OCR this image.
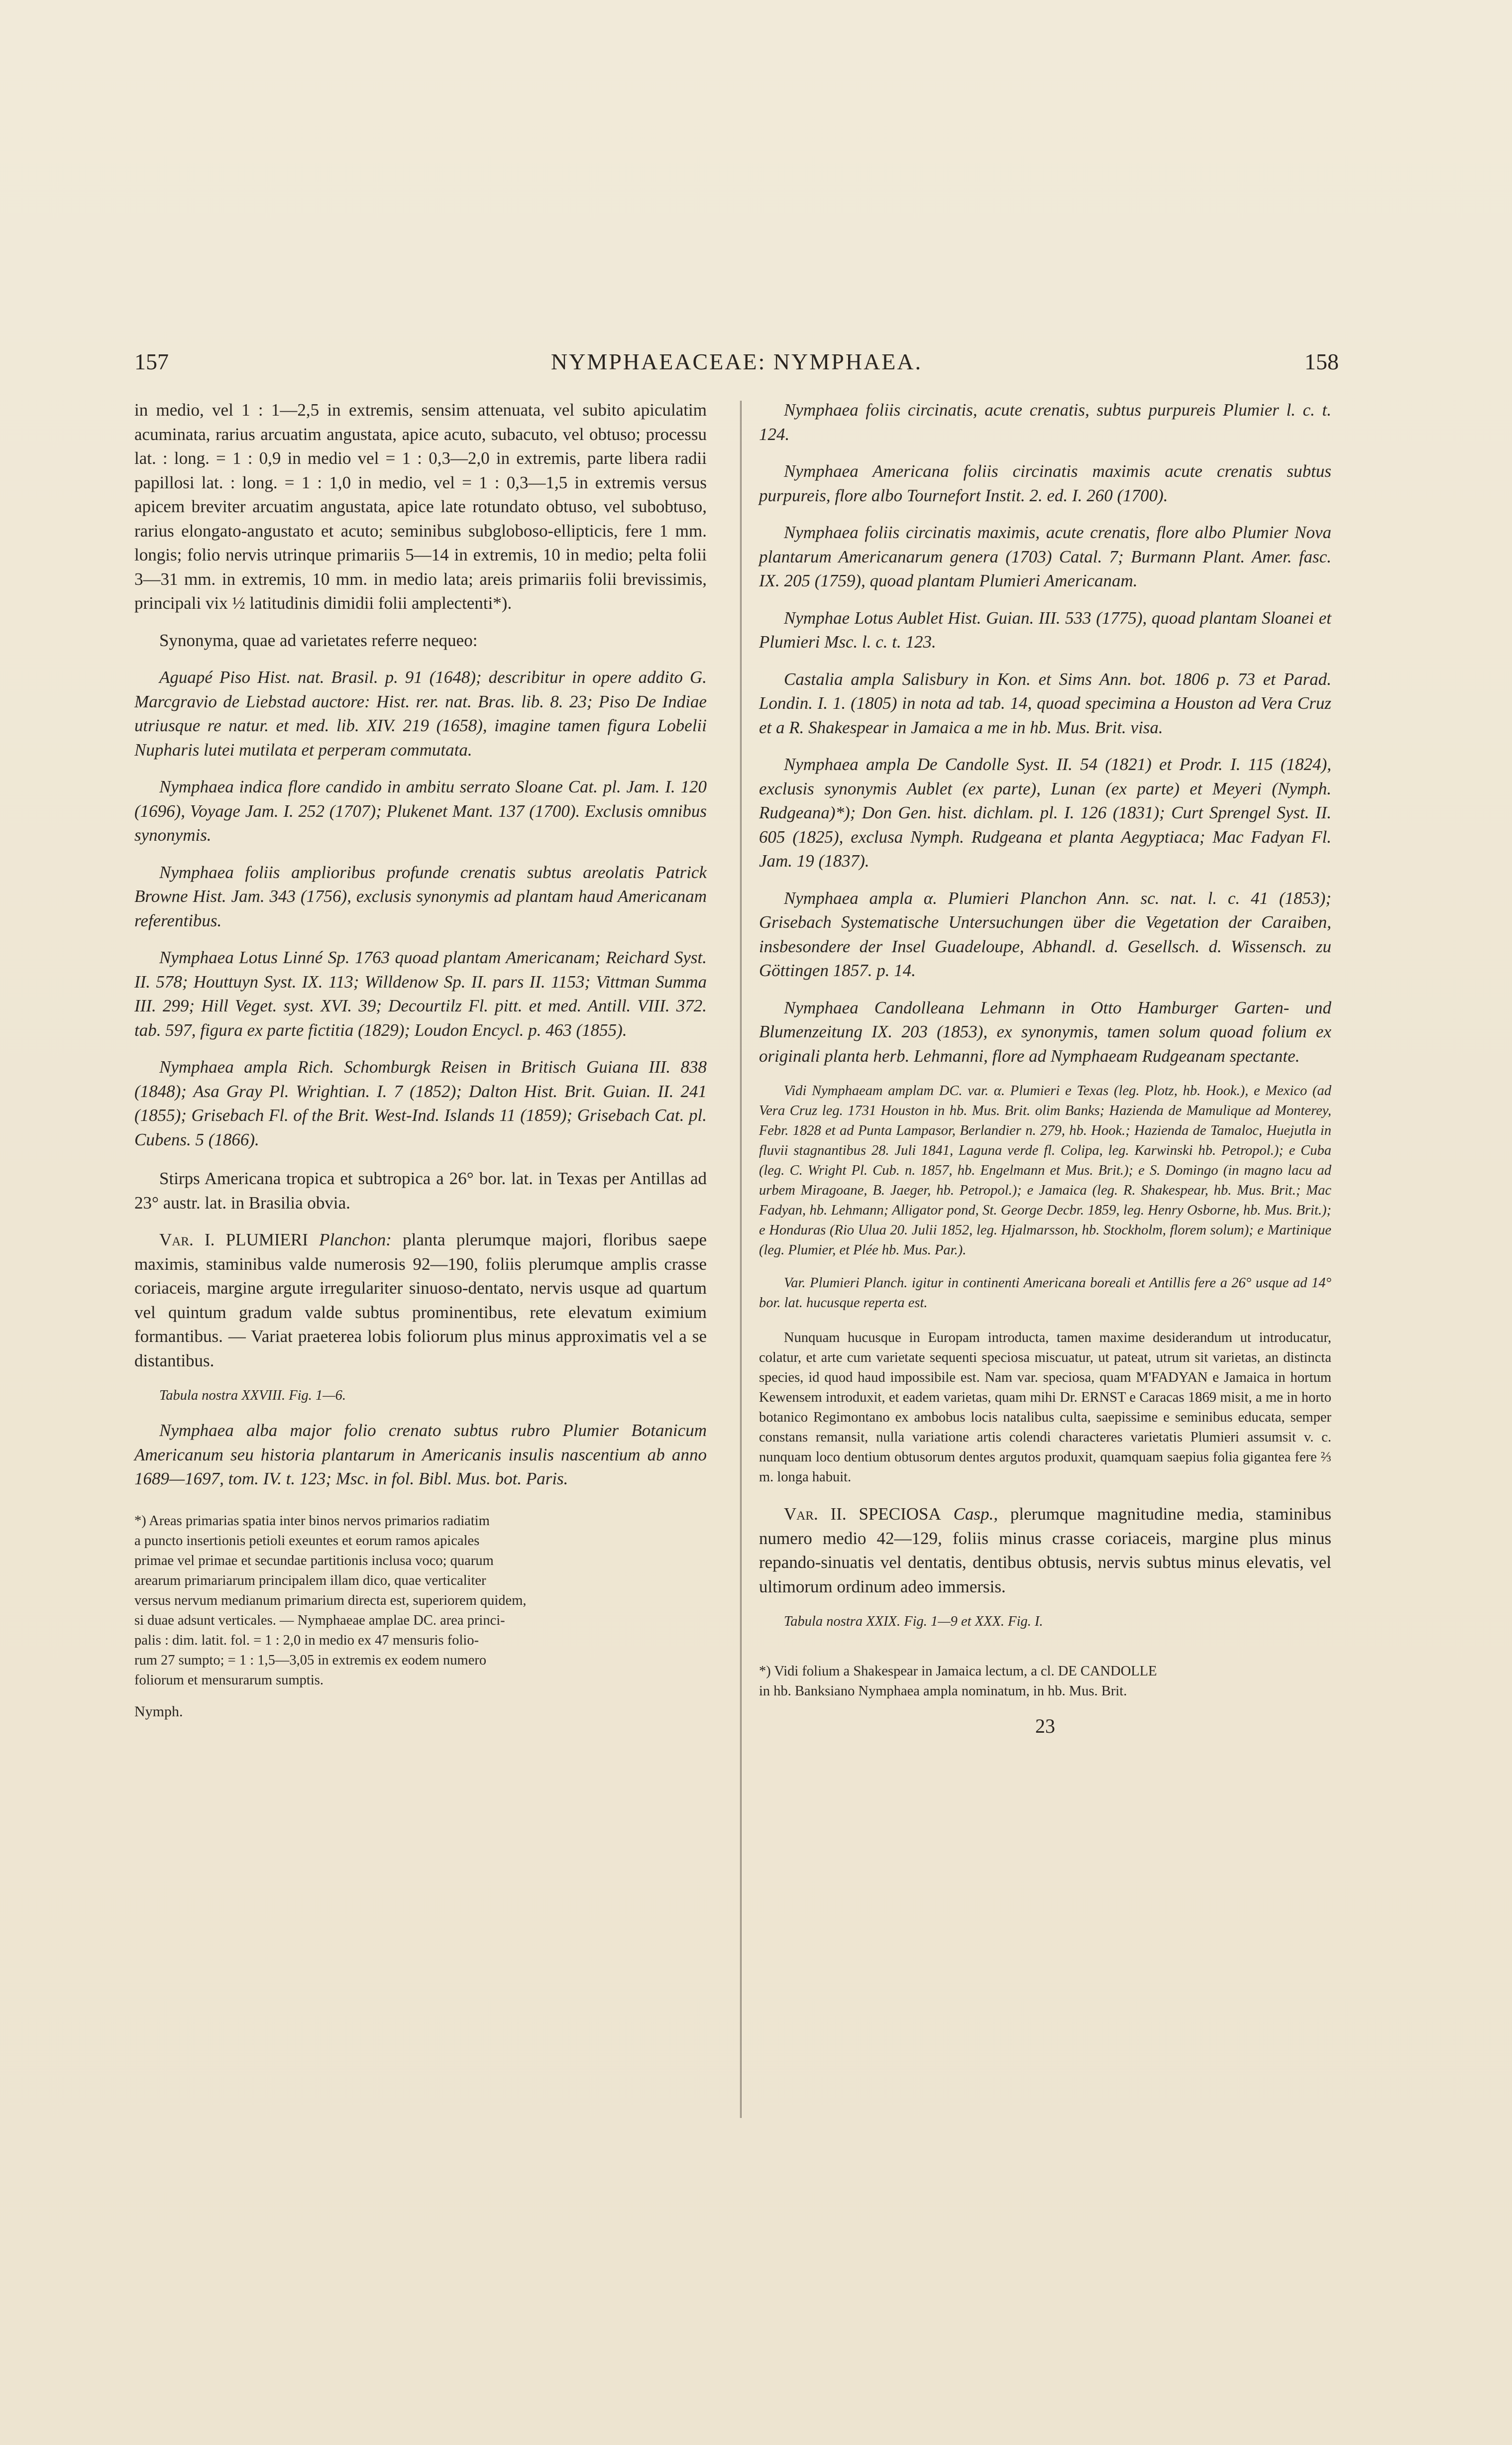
157	NYMPHAEACEAE: NYMPHAEA.	158

in medio, vel 1 : 1—2,5 in extremis, sensim attenuata, vel subito apiculatim acuminata, rarius arcuatim angustata, apice acuto, subacuto, vel obtuso; processu lat. : long. = 1 : 0,9 in medio vel = 1 : 0,3—2,0 in extremis, parte libera radii papillosi lat. : long. = 1 : 1,0 in medio, vel = 1 : 0,3—1,5 in extremis versus apicem breviter arcuatim angustata, apice late rotundato obtuso, vel subobtuso, rarius elongato-angustato et acuto; seminibus subgloboso-ellipticis, fere 1 mm. longis; folio nervis utrinque primariis 5—14 in extremis, 10 in medio; pelta folii 3—31 mm. in extremis, 10 mm. in medio lata; areis primariis folii brevissimis, principali vix ½ latitudinis dimidii folii amplectenti*).

Synonyma, quae ad varietates referre nequeo:

Aguapé Piso Hist. nat. Brasil. p. 91 (1648); describitur in opere addito G. Marcgravio de Liebstad auctore: Hist. rer. nat. Bras. lib. 8. 23; Piso De Indiae utriusque re natur. et med. lib. XIV. 219 (1658), imagine tamen figura Lobelii Nupharis lutei mutilata et perperam commutata.

Nymphaea indica flore candido in ambitu serrato Sloane Cat. pl. Jam. I. 120 (1696), Voyage Jam. I. 252 (1707); Plukenet Mant. 137 (1700). Exclusis omnibus synonymis.

Nymphaea foliis amplioribus profunde crenatis subtus areolatis Patrick Browne Hist. Jam. 343 (1756), exclusis synonymis ad plantam haud Americanam referentibus.

Nymphaea Lotus Linné Sp. 1763 quoad plantam Americanam; Reichard Syst. II. 578; Houttuyn Syst. IX. 113; Willdenow Sp. II. pars II. 1153; Vittman Summa III. 299; Hill Veget. syst. XVI. 39; Decourtilz Fl. pitt. et med. Antill. VIII. 372. tab. 597, figura ex parte fictitia (1829); Loudon Encycl. p. 463 (1855).

Nymphaea ampla Rich. Schomburgk Reisen in Britisch Guiana III. 838 (1848); Asa Gray Pl. Wrightian. I. 7 (1852); Dalton Hist. Brit. Guian. II. 241 (1855); Grisebach Fl. of the Brit. West-Ind. Islands 11 (1859); Grisebach Cat. pl. Cubens. 5 (1866).

Stirps Americana tropica et subtropica a 26° bor. lat. in Texas per Antillas ad 23° austr. lat. in Brasilia obvia.

Var. I. PLUMIERI Planchon: planta plerumque majori, floribus saepe maximis, staminibus valde numerosis 92—190, foliis plerumque amplis crasse coriaceis, margine argute irregulariter sinuoso-dentato, nervis usque ad quartum vel quintum gradum valde subtus prominentibus, rete elevatum eximium formantibus. — Variat praeterea lobis foliorum plus minus approximatis vel a se distantibus.

Tabula nostra XXVIII. Fig. 1—6.

Nymphaea alba major folio crenato subtus rubro Plumier Botanicum Americanum seu historia plantarum in Americanis insulis nascentium ab anno 1689—1697, tom. IV. t. 123; Msc. in fol. Bibl. Mus. bot. Paris.

*) Areas primarias spatia inter binos nervos primarios radiatim
a puncto insertionis petioli exeuntes et eorum ramos apicales
primae vel primae et secundae partitionis inclusa voco; quarum
arearum primariarum principalem illam dico, quae verticaliter
versus nervum medianum primarium directa est, superiorem quidem,
si duae adsunt verticales. — Nymphaeae amplae DC. area princi-
palis : dim. latit. fol. = 1 : 2,0 in medio ex 47 mensuris folio-
rum 27 sumpto; = 1 : 1,5—3,05 in extremis ex eodem numero
foliorum et mensurarum sumptis.

Nymph.

Nymphaea foliis circinatis, acute crenatis, subtus purpureis Plumier l. c. t. 124.

Nymphaea Americana foliis circinatis maximis acute crenatis subtus purpureis, flore albo Tournefort Instit. 2. ed. I. 260 (1700).

Nymphaea foliis circinatis maximis, acute crenatis, flore albo Plumier Nova plantarum Americanarum genera (1703) Catal. 7; Burmann Plant. Amer. fasc. IX. 205 (1759), quoad plantam Plumieri Americanam.

Nymphae Lotus Aublet Hist. Guian. III. 533 (1775), quoad plantam Sloanei et Plumieri Msc. l. c. t. 123.

Castalia ampla Salisbury in Kon. et Sims Ann. bot. 1806 p. 73 et Parad. Londin. I. 1. (1805) in nota ad tab. 14, quoad specimina a Houston ad Vera Cruz et a R. Shakespear in Jamaica a me in hb. Mus. Brit. visa.

Nymphaea ampla De Candolle Syst. II. 54 (1821) et Prodr. I. 115 (1824), exclusis synonymis Aublet (ex parte), Lunan (ex parte) et Meyeri (Nymph. Rudgeana)*); Don Gen. hist. dichlam. pl. I. 126 (1831); Curt Sprengel Syst. II. 605 (1825), exclusa Nymph. Rudgeana et planta Aegyptiaca; Mac Fadyan Fl. Jam. 19 (1837).

Nymphaea ampla α. Plumieri Planchon Ann. sc. nat. l. c. 41 (1853); Grisebach Systematische Untersuchungen über die Vegetation der Caraiben, insbesondere der Insel Guadeloupe, Abhandl. d. Gesellsch. d. Wissensch. zu Göttingen 1857. p. 14.

Nymphaea Candolleana Lehmann in Otto Hamburger Garten- und Blumenzeitung IX. 203 (1853), ex synonymis, tamen solum quoad folium ex originali planta herb. Lehmanni, flore ad Nymphaeam Rudgeanam spectante.

Vidi Nymphaeam amplam DC. var. α. Plumieri e Texas (leg. Plotz, hb. Hook.), e Mexico (ad Vera Cruz leg. 1731 Houston in hb. Mus. Brit. olim Banks; Hazienda de Mamulique ad Monterey, Febr. 1828 et ad Punta Lampasor, Berlandier n. 279, hb. Hook.; Hazienda de Tamaloc, Huejutla in fluvii stagnantibus 28. Juli 1841, Laguna verde fl. Colipa, leg. Karwinski hb. Petropol.); e Cuba (leg. C. Wright Pl. Cub. n. 1857, hb. Engelmann et Mus. Brit.); e S. Domingo (in magno lacu ad urbem Miragoane, B. Jaeger, hb. Petropol.); e Jamaica (leg. R. Shakespear, hb. Mus. Brit.; Mac Fadyan, hb. Lehmann; Alligator pond, St. George Decbr. 1859, leg. Henry Osborne, hb. Mus. Brit.); e Honduras (Rio Ulua 20. Julii 1852, leg. Hjalmarsson, hb. Stockholm, florem solum); e Martinique (leg. Plumier, et Plée hb. Mus. Par.).

Var. Plumieri Planch. igitur in continenti Americana boreali et Antillis fere a 26° usque ad 14° bor. lat. hucusque reperta est.

Nunquam hucusque in Europam introducta, tamen maxime desiderandum ut introducatur, colatur, et arte cum varietate sequenti speciosa miscuatur, ut pateat, utrum sit varietas, an distincta species, id quod haud impossibile est. Nam var. speciosa, quam M'FADYAN e Jamaica in hortum Kewensem introduxit, et eadem varietas, quam mihi Dr. ERNST e Caracas 1869 misit, a me in horto botanico Regimontano ex ambobus locis natalibus culta, saepissime e seminibus educata, semper constans remansit, nulla variatione artis colendi characteres varietatis Plumieri assumsit v. c. nunquam loco dentium obtusorum dentes argutos produxit, quamquam saepius folia gigantea fere ⅔ m. longa habuit.

Var. II. SPECIOSA Casp., plerumque magnitudine media, staminibus numero medio 42—129, foliis minus crasse coriaceis, margine plus minus repando-sinuatis vel dentatis, dentibus obtusis, nervis subtus minus elevatis, vel ultimorum ordinum adeo immersis.

Tabula nostra XXIX. Fig. 1—9 et XXX. Fig. I.

*) Vidi folium a Shakespear in Jamaica lectum, a cl. DE CANDOLLE
in hb. Banksiano Nymphaea ampla nominatum, in hb. Mus. Brit.

23
